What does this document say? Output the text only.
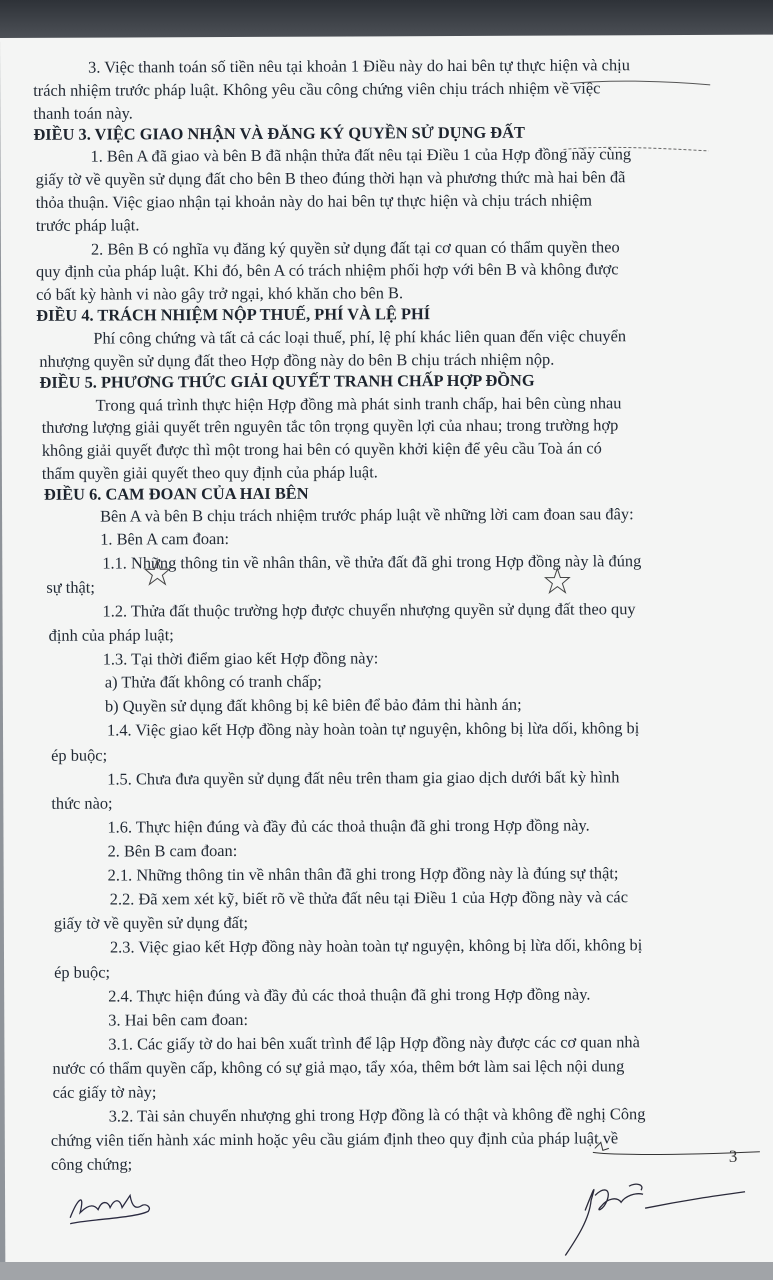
3. Việc thanh toán số tiền nêu tại khoản 1 Điều này do hai bên tự thực hiện và chịu
trách nhiệm trước pháp luật. Không yêu cầu công chứng viên chịu trách nhiệm về việc
thanh toán này.
ĐIỀU 3. VIỆC GIAO NHẬN VÀ ĐĂNG KÝ QUYỀN SỬ DỤNG ĐẤT
1. Bên A đã giao và bên B đã nhận thửa đất nêu tại Điều 1 của Hợp đồng này cùng
giấy tờ về quyền sử dụng đất cho bên B theo đúng thời hạn và phương thức mà hai bên đã
thỏa thuận. Việc giao nhận tại khoản này do hai bên tự thực hiện và chịu trách nhiệm
trước pháp luật.
2. Bên B có nghĩa vụ đăng ký quyền sử dụng đất tại cơ quan có thẩm quyền theo
quy định của pháp luật. Khi đó, bên A có trách nhiệm phối hợp với bên B và không được
có bất kỳ hành vi nào gây trở ngại, khó khăn cho bên B.
ĐIỀU 4. TRÁCH NHIỆM NỘP THUẾ, PHÍ VÀ LỆ PHÍ
Phí công chứng và tất cả các loại thuế, phí, lệ phí khác liên quan đến việc chuyển
nhượng quyền sử dụng đất theo Hợp đồng này do bên B chịu trách nhiệm nộp.
ĐIỀU 5. PHƯƠNG THỨC GIẢI QUYẾT TRANH CHẤP HỢP ĐỒNG
Trong quá trình thực hiện Hợp đồng mà phát sinh tranh chấp, hai bên cùng nhau
thương lượng giải quyết trên nguyên tắc tôn trọng quyền lợi của nhau; trong trường hợp
không giải quyết được thì một trong hai bên có quyền khởi kiện để yêu cầu Toà án có
thẩm quyền giải quyết theo quy định của pháp luật.
ĐIỀU 6. CAM ĐOAN CỦA HAI BÊN
Bên A và bên B chịu trách nhiệm trước pháp luật về những lời cam đoan sau đây:
1. Bên A cam đoan:
1.1. Những thông tin về nhân thân, về thửa đất đã ghi trong Hợp đồng này là đúng
sự thật;
1.2. Thửa đất thuộc trường hợp được chuyển nhượng quyền sử dụng đất theo quy
định của pháp luật;
1.3. Tại thời điểm giao kết Hợp đồng này:
a) Thửa đất không có tranh chấp;
b) Quyền sử dụng đất không bị kê biên để bảo đảm thi hành án;
1.4. Việc giao kết Hợp đồng này hoàn toàn tự nguyện, không bị lừa dối, không bị
ép buộc;
1.5. Chưa đưa quyền sử dụng đất nêu trên tham gia giao dịch dưới bất kỳ hình
thức nào;
1.6. Thực hiện đúng và đầy đủ các thoả thuận đã ghi trong Hợp đồng này.
2. Bên B cam đoan:
2.1. Những thông tin về nhân thân đã ghi trong Hợp đồng này là đúng sự thật;
2.2. Đã xem xét kỹ, biết rõ về thửa đất nêu tại Điều 1 của Hợp đồng này và các
giấy tờ về quyền sử dụng đất;
2.3. Việc giao kết Hợp đồng này hoàn toàn tự nguyện, không bị lừa dối, không bị
ép buộc;
2.4. Thực hiện đúng và đầy đủ các thoả thuận đã ghi trong Hợp đồng này.
3. Hai bên cam đoan:
3.1. Các giấy tờ do hai bên xuất trình để lập Hợp đồng này được các cơ quan nhà
nước có thẩm quyền cấp, không có sự giả mạo, tẩy xóa, thêm bớt làm sai lệch nội dung
các giấy tờ này;
3.2. Tài sản chuyển nhượng ghi trong Hợp đồng là có thật và không đề nghị Công
chứng viên tiến hành xác minh hoặc yêu cầu giám định theo quy định của pháp luật về
công chứng;	3
